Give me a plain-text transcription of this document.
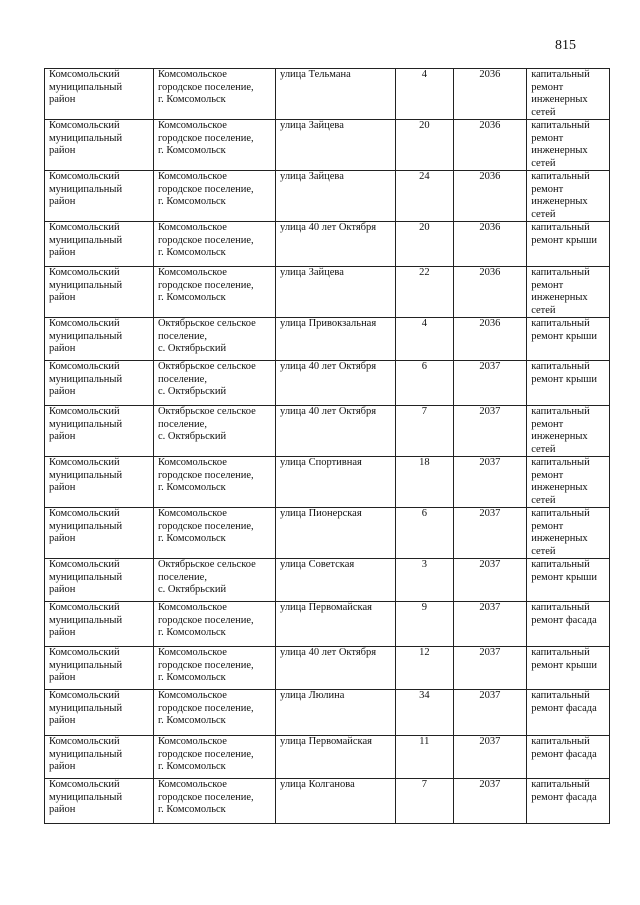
815
Комсомольский
муниципальный
район	Комсомольское
городское поселение,
г. Комсомольск	улица Тельмана	4	2036	капитальный
ремонт
инженерных
сетей

Комсомольский
муниципальный
район	Комсомольское
городское поселение,
г. Комсомольск	улица Зайцева	20	2036	капитальный
ремонт
инженерных
сетей

Комсомольский
муниципальный
район	Комсомольское
городское поселение,
г. Комсомольск	улица Зайцева	24	2036	капитальный
ремонт
инженерных
сетей

Комсомольский
муниципальный
район	Комсомольское
городское поселение,
г. Комсомольск	улица 40 лет Октября	20	2036	капитальный
ремонт крыши

Комсомольский
муниципальный
район	Комсомольское
городское поселение,
г. Комсомольск	улица Зайцева	22	2036	капитальный
ремонт
инженерных
сетей

Комсомольский
муниципальный
район	Октябрьское сельское
поселение,
с. Октябрьский	улица Привокзальная	4	2036	капитальный
ремонт крыши

Комсомольский
муниципальный
район	Октябрьское сельское
поселение,
с. Октябрьский	улица 40 лет Октября	6	2037	капитальный
ремонт крыши

Комсомольский
муниципальный
район	Октябрьское сельское
поселение,
с. Октябрьский	улица 40 лет Октября	7	2037	капитальный
ремонт
инженерных
сетей

Комсомольский
муниципальный
район	Комсомольское
городское поселение,
г. Комсомольск	улица Спортивная	18	2037	капитальный
ремонт
инженерных
сетей

Комсомольский
муниципальный
район	Комсомольское
городское поселение,
г. Комсомольск	улица Пионерская	6	2037	капитальный
ремонт
инженерных
сетей

Комсомольский
муниципальный
район	Октябрьское сельское
поселение,
с. Октябрьский	улица Советская	3	2037	капитальный
ремонт крыши

Комсомольский
муниципальный
район	Комсомольское
городское поселение,
г. Комсомольск	улица Первомайская	9	2037	капитальный
ремонт фасада

Комсомольский
муниципальный
район	Комсомольское
городское поселение,
г. Комсомольск	улица 40 лет Октября	12	2037	капитальный
ремонт крыши

Комсомольский
муниципальный
район	Комсомольское
городское поселение,
г. Комсомольск	улица Люлина	34	2037	капитальный
ремонт фасада

Комсомольский
муниципальный
район	Комсомольское
городское поселение,
г. Комсомольск	улица Первомайская	11	2037	капитальный
ремонт фасада

Комсомольский
муниципальный
район	Комсомольское
городское поселение,
г. Комсомольск	улица Колганова	7	2037	капитальный
ремонт фасада
